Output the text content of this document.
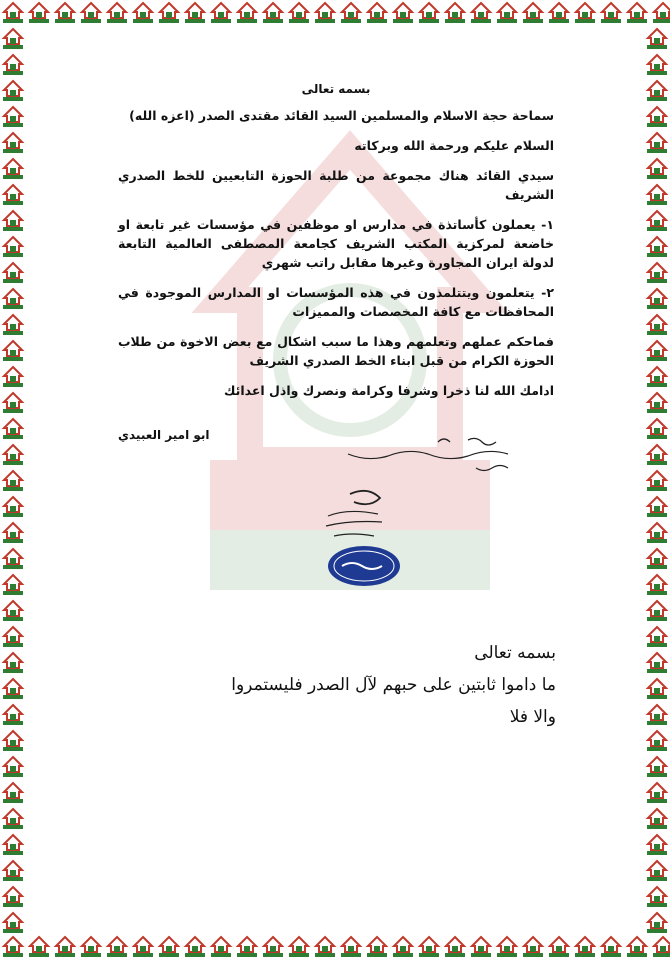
بسمه تعالى

سماحة حجة الاسلام والمسلمين السيد القائد مقتدى الصدر (اعزه الله)

السلام عليكم ورحمة الله وبركاته

سيدي القائد هناك مجموعة من طلبة الحوزة التابعيين للخط الصدري الشريف

١- يعملون كأساتذة في مدارس او موظفين في مؤسسات غير تابعة او خاضعة لمركزية المكتب الشريف كجامعة المصطفى العالمية التابعة لدولة ايران المجاورة وغيرها مقابل راتب شهري

٢- يتعلمون ويتتلمذون في هذه المؤسسات او المدارس الموجودة في المحافظات مع كافة المخصصات والمميزات

فماحكم عملهم وتعلمهم وهذا ما سبب اشكال مع بعض الاخوة من طلاب الحوزة الكرام من قبل ابناء الخط الصدري الشريف

ادامك الله لنا ذخرا وشرفا وكرامة ونصرك واذل اعدائك

ابو امير العبيدي

بسمه تعالى

ما داموا ثابتين على حبهم لآل الصدر فليستمروا

والا فلا
